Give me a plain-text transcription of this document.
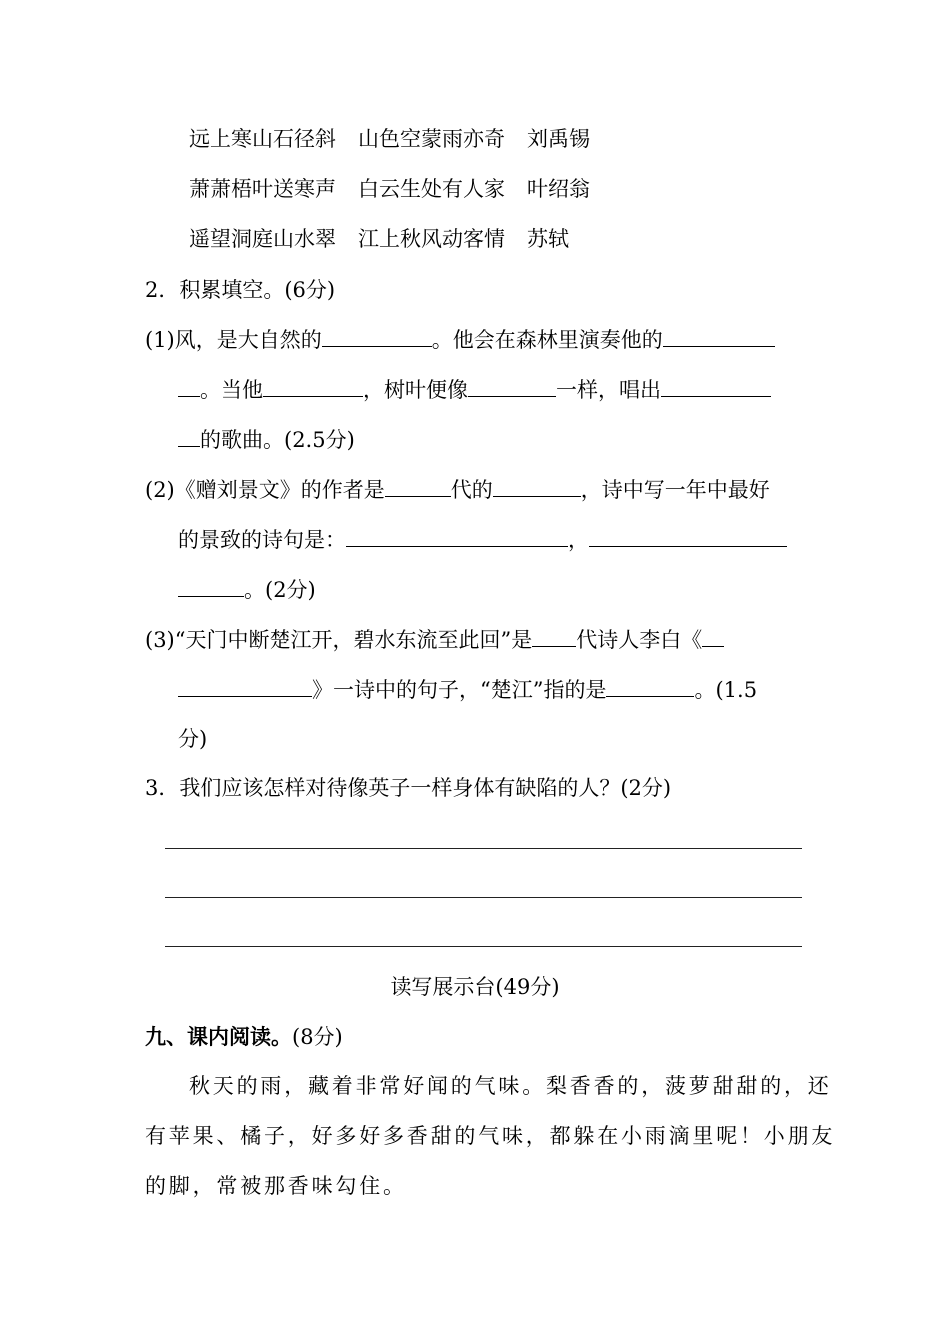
远上寒山石径斜 山色空蒙雨亦奇 刘禹锡
萧萧梧叶送寒声 白云生处有人家 叶绍翁
遥望洞庭山水翠 江上秋风动客情 苏轼
2．积累填空。(6分)
(1)风，是大自然的	。他会在森林里演奏他的
。当他	，树叶便像	一样，唱出
的歌曲。(2.5分)
(2)《赠刘景文》的作者是	代的	，诗中写一年中最好
的景致的诗句是：	，
。(2分)
(3)“天门中断楚江开，碧水东流至此回”是 代诗人李白《
》一诗中的句子，“楚江”指的是	。(1.5
分)
3．我们应该怎样对待像英子一样身体有缺陷的人？(2分)
读写展示台(49分)
九、课内阅读。(8分)
秋天的雨，藏着非常好闻的气味。梨香香的，菠萝甜甜的，还
有苹果、橘子，好多好多香甜的气味，都躲在小雨滴里呢！小朋友
的脚，常被那香味勾住。
